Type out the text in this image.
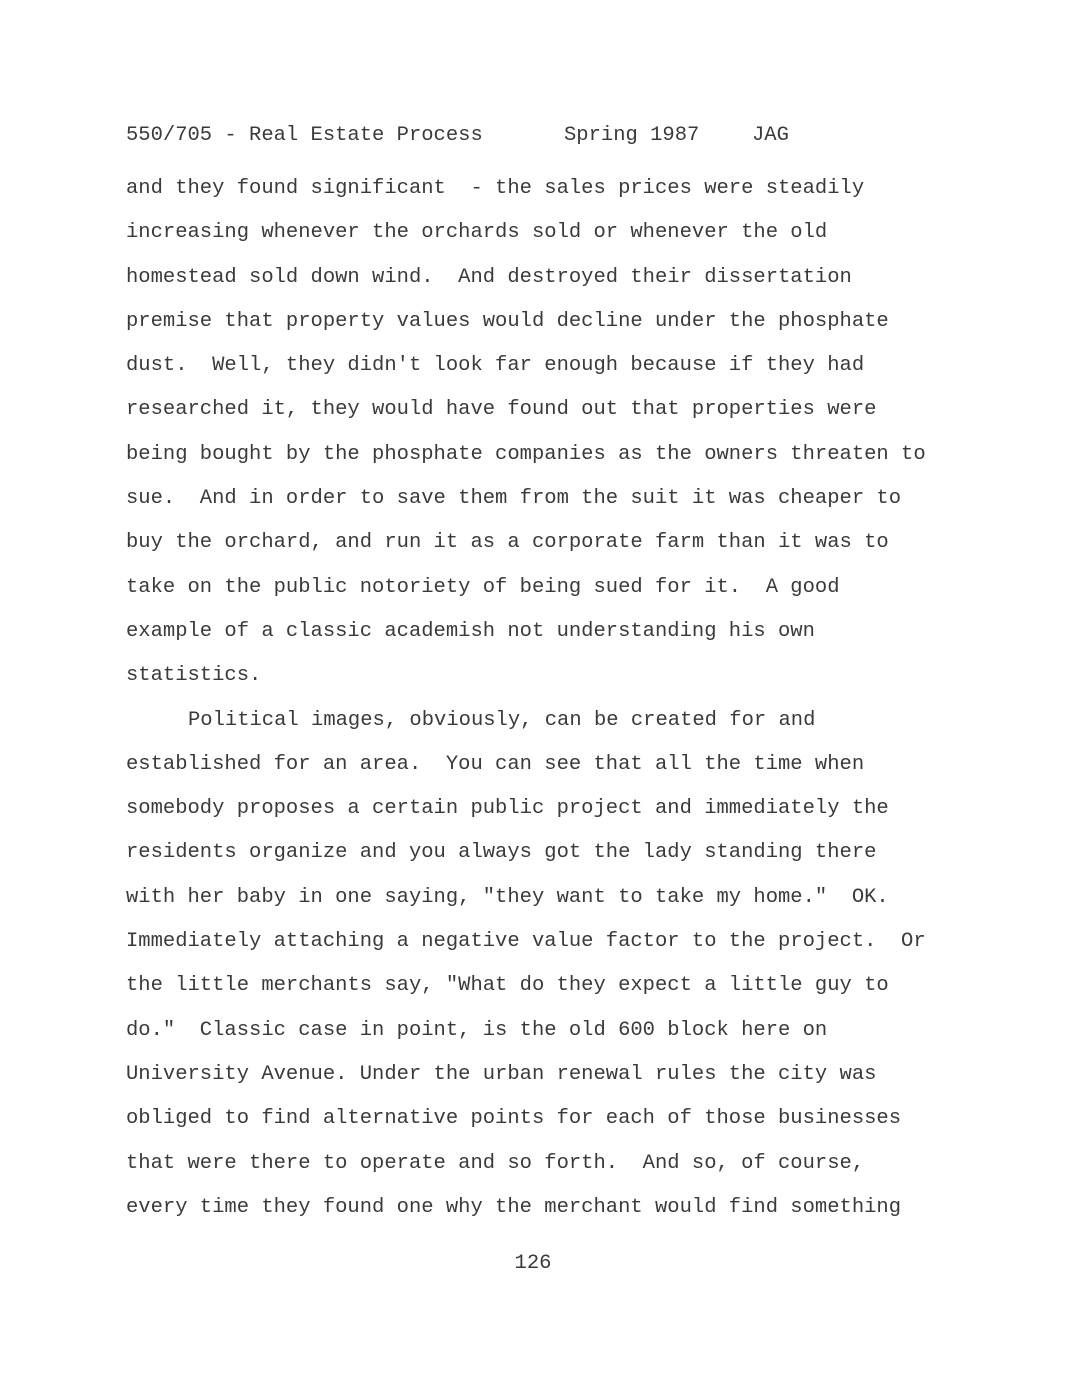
550/705 - Real Estate Process	Spring 1987	JAG
and they found significant  - the sales prices were steadily
increasing whenever the orchards sold or whenever the old
homestead sold down wind.  And destroyed their dissertation
premise that property values would decline under the phosphate
dust.  Well, they didn't look far enough because if they had
researched it, they would have found out that properties were
being bought by the phosphate companies as the owners threaten to
sue.  And in order to save them from the suit it was cheaper to
buy the orchard, and run it as a corporate farm than it was to
take on the public notoriety of being sued for it.  A good
example of a classic academish not understanding his own
statistics.
Political images, obviously, can be created for and
established for an area.  You can see that all the time when
somebody proposes a certain public project and immediately the
residents organize and you always got the lady standing there
with her baby in one saying, "they want to take my home."  OK.
Immediately attaching a negative value factor to the project.  Or
the little merchants say, "What do they expect a little guy to
do."  Classic case in point, is the old 600 block here on
University Avenue. Under the urban renewal rules the city was
obliged to find alternative points for each of those businesses
that were there to operate and so forth.  And so, of course,
every time they found one why the merchant would find something
126
